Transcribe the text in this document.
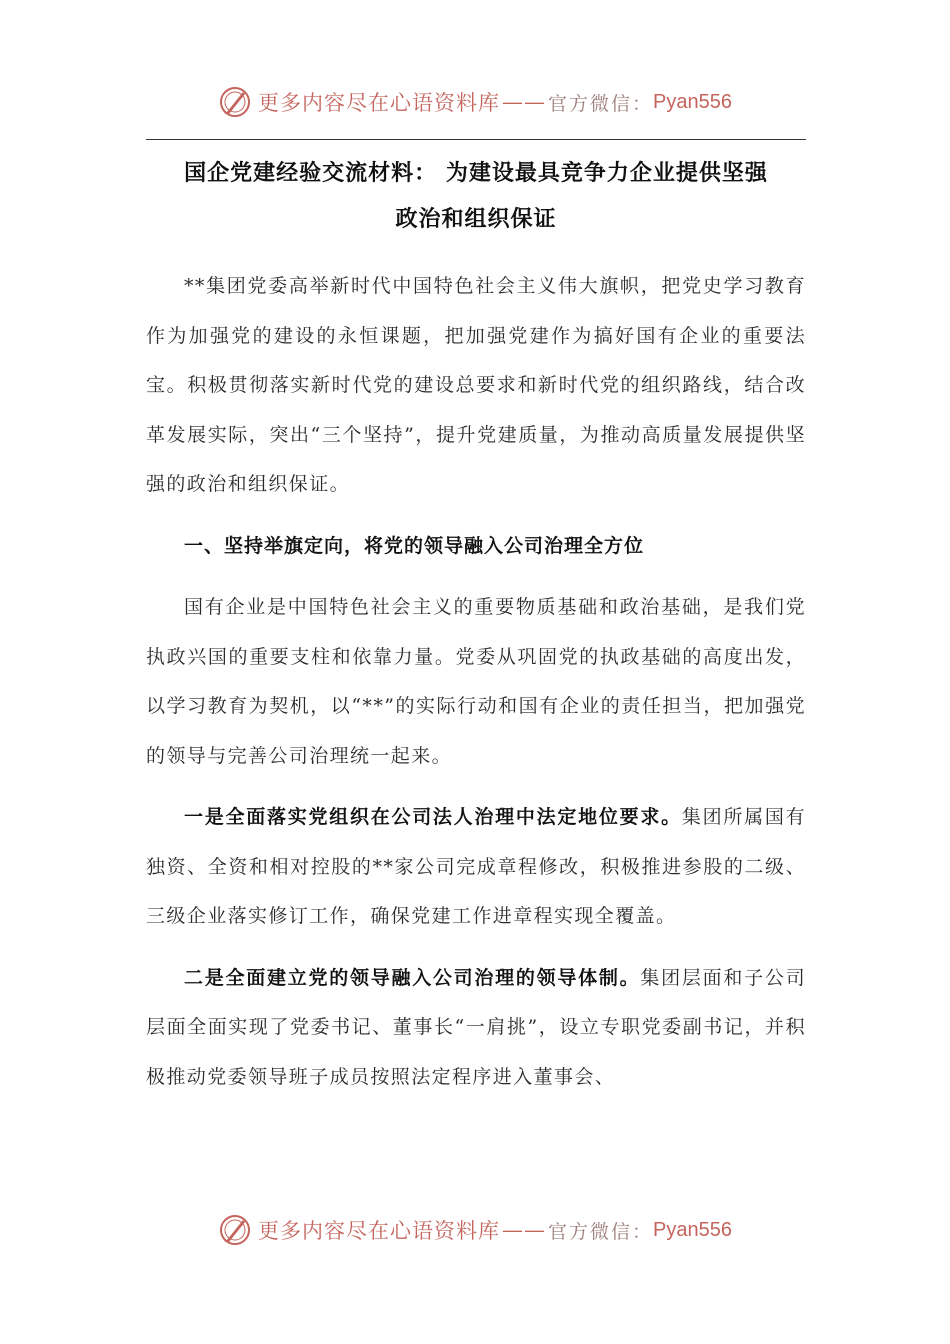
更多内容尽在心语资料库 —— 官方微信： Pyan556
国企党建经验交流材料： 为建设最具竞争力企业提供坚强
政治和组织保证

**集团党委高举新时代中国特色社会主义伟大旗帜，把党史学习教育作为加强党的建设的永恒课题，把加强党建作为搞好国有企业的重要法宝。积极贯彻落实新时代党的建设总要求和新时代党的组织路线，结合改革发展实际，突出“三个坚持”，提升党建质量，为推动高质量发展提供坚强的政治和组织保证。

一、坚持举旗定向，将党的领导融入公司治理全方位

国有企业是中国特色社会主义的重要物质基础和政治基础，是我们党执政兴国的重要支柱和依靠力量。党委从巩固党的执政基础的高度出发，以学习教育为契机，以“**”的实际行动和国有企业的责任担当，把加强党的领导与完善公司治理统一起来。

一是全面落实党组织在公司法人治理中法定地位要求。集团所属国有独资、全资和相对控股的**家公司完成章程修改，积极推进参股的二级、三级企业落实修订工作，确保党建工作进章程实现全覆盖。

二是全面建立党的领导融入公司治理的领导体制。集团层面和子公司层面全面实现了党委书记、董事长“一肩挑”，设立专职党委副书记，并积极推动党委领导班子成员按照法定程序进入董事会、

更多内容尽在心语资料库 —— 官方微信： Pyan556
